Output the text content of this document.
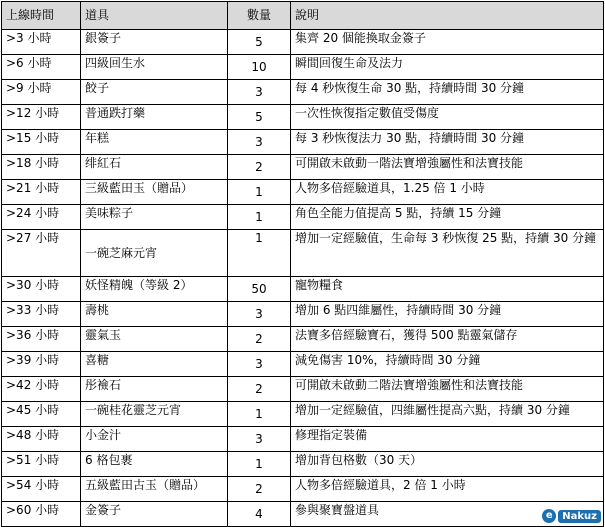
上線時間	道具	數量	說明
>3 小時	銀簽子	5	集齊 20 個能換取金簽子
>6 小時	四級回生水	10	瞬間回復生命及法力
>9 小時	餃子	3	每 4 秒恢復生命 30 點，持續時間 30 分鐘
>12 小時	普通跌打藥	5	一次性恢復指定數值受傷度
>15 小時	年糕	3	每 3 秒恢復法力 30 點，持續時間 30 分鐘
>18 小時	绯紅石	2	可開啟未啟動一階法寶增強屬性和法寶技能
>21 小時	三級藍田玉（贈品）	1	人物多倍經驗道具，1.25 倍 1 小時
>24 小時	美味粽子	1	角色全能力值提高 5 點，持續 15 分鐘
>27 小時	一碗芝麻元宵	1	增加一定經驗值，生命每 3 秒恢復 25 點，持續 30 分鐘
>30 小時	妖怪精魄（等級 2）	50	寵物糧食
>33 小時	壽桃	3	增加 6 點四維屬性，持續時間 30 分鐘
>36 小時	靈氣玉	2	法寶多倍經驗寶石，獲得 500 點靈氣儲存
>39 小時	喜糖	3	減免傷害 10%，持續時間 30 分鐘
>42 小時	彤襝石	2	可開啟未啟動二階法寶增強屬性和法寶技能
>45 小時	一碗桂花靈芝元宵	1	增加一定經驗值，四維屬性提高六點，持續 30 分鐘
>48 小時	小金汁	3	修理指定裝備
>51 小時	6 格包裹	1	增加背包格數（30 天）
>54 小時	五級藍田古玉（贈品）	2	人物多倍經驗道具，2 倍 1 小時
>60 小時	金簽子	4	參與聚寶盤道具	e Nakuz
